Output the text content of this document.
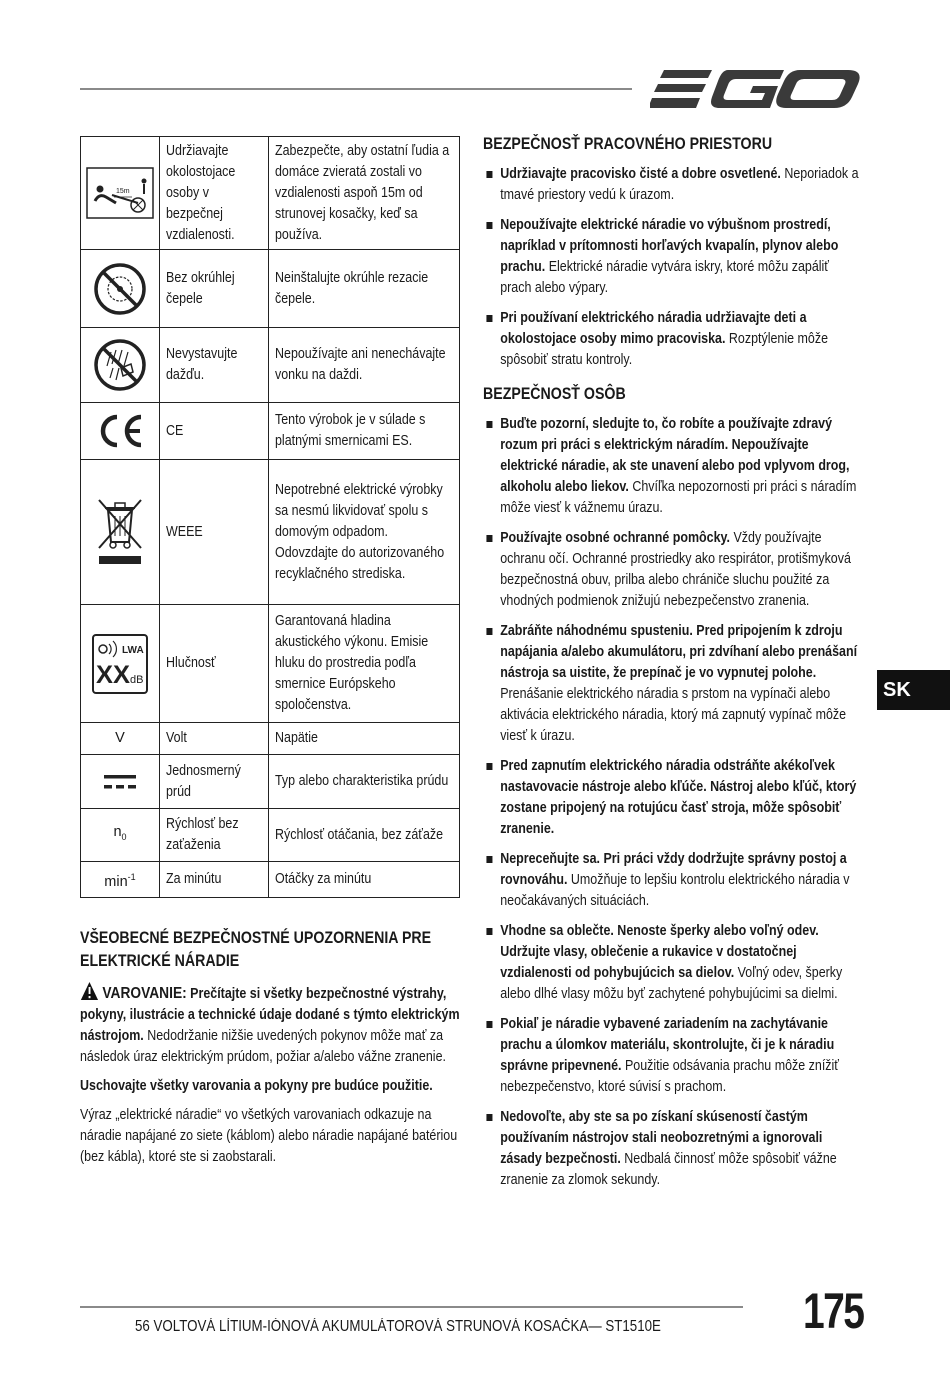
15m	Udržiavajte okolostojace osoby v bezpečnej vzdialenosti.	Zabezpečte, aby ostatní ľudia a domáce zvieratá zostali vo vzdialenosti aspoň 15m od strunovej kosačky, keď sa používa.

Bez okrúhlej čepele	Neinštalujte okrúhle rezacie čepele.

Nevystavujte dažďu.	Nepoužívajte ani nenechávajte vonku na daždi.

CE	Tento výrobok je v súlade s platnými smernicami ES.

WEEE	Nepotrebné elektrické výrobky sa nesmú likvidovať spolu s domovým odpadom. Odovzdajte do autorizovaného recyklačného strediska.

LWA
XX dB	Hlučnosť	Garantovaná hladina akustického výkonu. Emisie hluku do prostredia podľa smernice Európskeho spoločenstva.

V	Volt	Napätie

Jednosmerný prúd	Typ alebo charakteristika prúdu

$n_0$	Rýchlosť bez zaťaženia	Rýchlosť otáčania, bez záťaže

$\min^{-1}$	Za minútu	Otáčky za minútu
VŠEOBECNÉ BEZPEČNOSTNÉ UPOZORNENIA PRE ELEKTRICKÉ NÁRADIE
VAROVANIE: Prečítajte si všetky bezpečnostné výstrahy, pokyny, ilustrácie a technické údaje dodané s týmto elektrickým nástrojom. Nedodržanie nižšie uvedených pokynov môže mať za následok úraz elektrickým prúdom, požiar a/alebo vážne zranenie.
Uschovajte všetky varovania a pokyny pre budúce použitie.
Výraz „elektrické náradie“ vo všetkých varovaniach odkazuje na náradie napájané zo siete (káblom) alebo náradie napájané batériou (bez kábla), ktoré ste si zaobstarali.
BEZPEČNOSŤ PRACOVNÉHO PRIESTORU
Udržiavajte pracovisko čisté a dobre osvetlené. Neporiadok a tmavé priestory vedú k úrazom.
Nepoužívajte elektrické náradie vo výbušnom prostredí, napríklad v prítomnosti horľavých kvapalín, plynov alebo prachu. Elektrické náradie vytvára iskry, ktoré môžu zapáliť prach alebo výpary.
Pri používaní elektrického náradia udržiavajte deti a okolostojace osoby mimo pracoviska. Rozptýlenie môže spôsobiť stratu kontroly.
BEZPEČNOSŤ OSÔB
Buďte pozorní, sledujte to, čo robíte a používajte zdravý rozum pri práci s elektrickým náradím. Nepoužívajte elektrické náradie, ak ste unavení alebo pod vplyvom drog, alkoholu alebo liekov. Chvíľka nepozornosti pri práci s náradím môže viesť k vážnemu úrazu.
Používajte osobné ochranné pomôcky. Vždy používajte ochranu očí. Ochranné prostriedky ako respirátor, protišmyková bezpečnostná obuv, prilba alebo chrániče sluchu použité za vhodných podmienok znižujú nebezpečenstvo zranenia.
Zabráňte náhodnému spusteniu. Pred pripojením k zdroju napájania a/alebo akumulátoru, pri zdvíhaní alebo prenášaní nástroja sa uistite, že prepínač je vo vypnutej polohe. Prenášanie elektrického náradia s prstom na vypínači alebo aktivácia elektrického náradia, ktorý má zapnutý vypínač môže viesť k úrazu.
Pred zapnutím elektrického náradia odstráňte akékoľvek nastavovacie nástroje alebo kľúče. Nástroj alebo kľúč, ktorý zostane pripojený na rotujúcu časť stroja, môže spôsobiť zranenie.
Nepreceňujte sa. Pri práci vždy dodržujte správny postoj a rovnováhu. Umožňuje to lepšiu kontrolu elektrického náradia v neočakávaných situáciách.
Vhodne sa oblečte. Nenoste šperky alebo voľný odev. Udržujte vlasy, oblečenie a rukavice v dostatočnej vzdialenosti od pohybujúcich sa dielov. Voľný odev, šperky alebo dlhé vlasy môžu byť zachytené pohybujúcimi sa dielmi.
Pokiaľ je náradie vybavené zariadením na zachytávanie prachu a úlomkov materiálu, skontrolujte, či je k náradiu správne pripevnené. Použitie odsávania prachu môže znížiť nebezpečenstvo, ktoré súvisí s prachom.
Nedovoľte, aby ste sa po získaní skúseností častým používaním nástrojov stali neobozretnými a ignorovali zásady bezpečnosti. Nedbalá činnosť môže spôsobiť vážne zranenie za zlomok sekundy.
SK
56 VOLTOVÁ LÍTIUM-IÓNOVÁ AKUMULÁTOROVÁ STRUNOVÁ KOSAČKA— ST1510E	175
